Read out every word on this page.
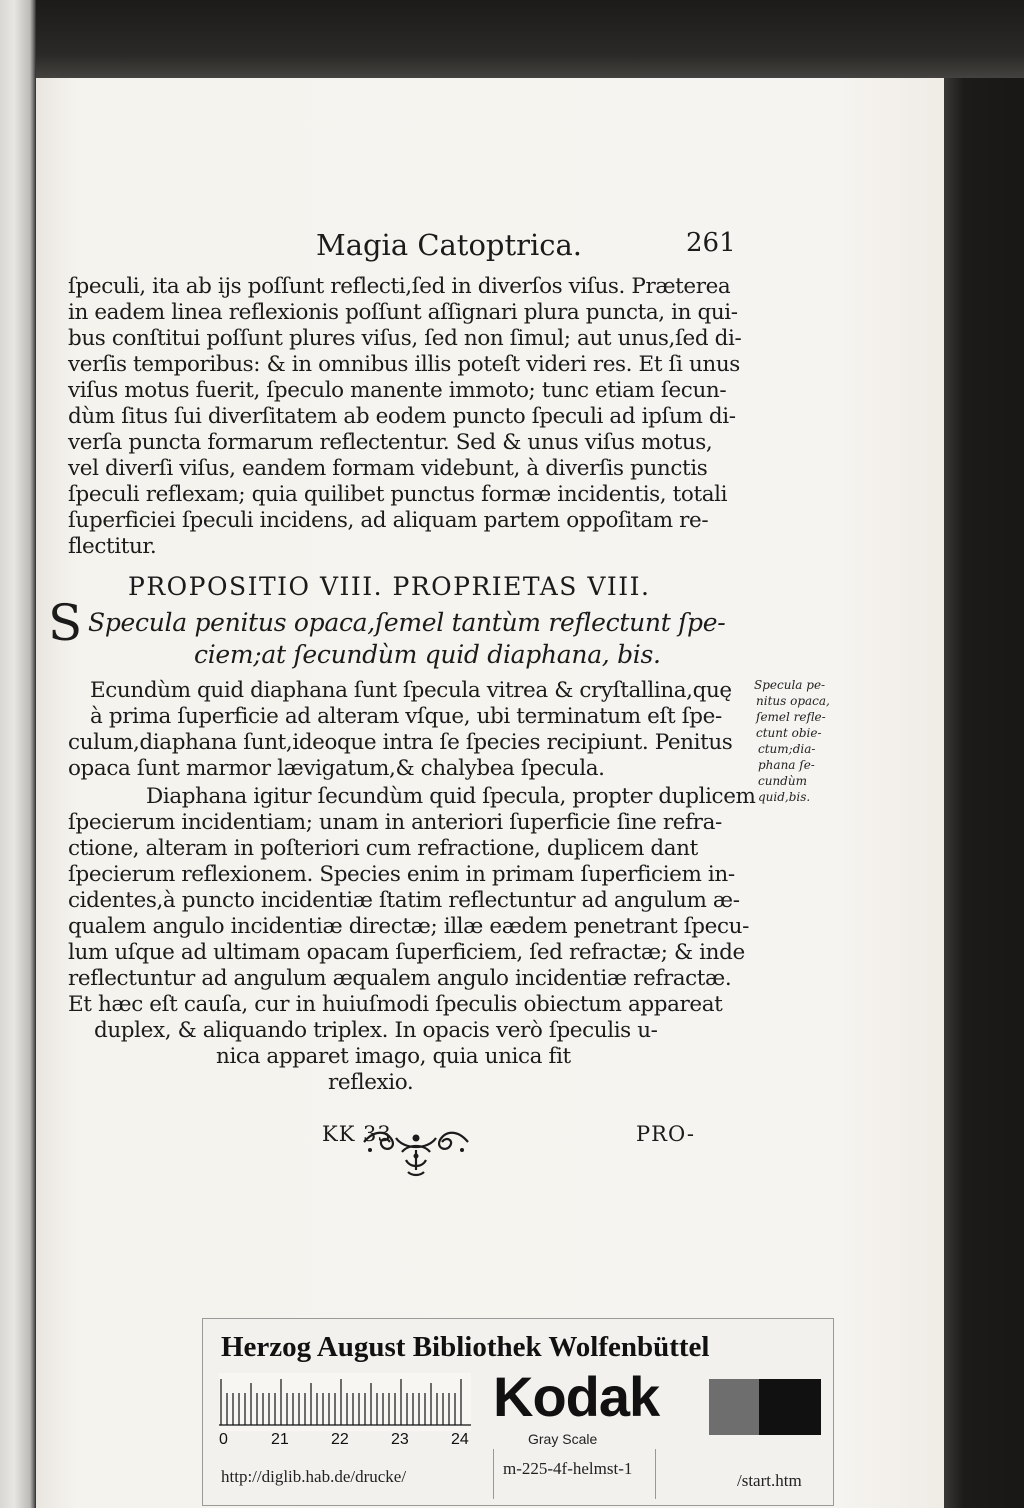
Magia Catoptrica.	261
ſpeculi, ita ab ijs poſſunt reflecti,ſed in diverſos viſus. Præterea
in eadem linea reflexionis poſſunt aſſignari plura puncta, in qui-
bus conſtitui poſſunt plures viſus, ſed non ſimul; aut unus,ſed di-
verſis temporibus: & in omnibus illis poteſt videri res. Et ſi unus
viſus motus fuerit, ſpeculo manente immoto; tunc etiam ſecun-
dùm ſitus ſui diverſitatem ab eodem puncto ſpeculi ad ipſum di-
verſa puncta formarum reflectentur. Sed & unus viſus motus,
vel diverſi viſus, eandem formam videbunt, à diverſis punctis
ſpeculi reflexam; quia quilibet punctus formæ incidentis, totali
ſuperficiei ſpeculi incidens, ad aliquam partem oppoſitam re-
flectitur.
PROPOSITIO VIII. PROPRIETAS VIII.
Specula penitus opaca,ſemel tantùm reflectunt ſpe-
ciem;at ſecundùm quid diaphana, bis.
S
Ecundùm quid diaphana ſunt ſpecula vitrea & cryſtallina,quę
à prima ſuperficie ad alteram vſque, ubi terminatum eſt ſpe-
culum,diaphana ſunt,ideoque intra ſe ſpecies recipiunt. Penitus
opaca ſunt marmor lævigatum,& chalybea ſpecula.
Diaphana igitur ſecundùm quid ſpecula, propter duplicem
ſpecierum incidentiam; unam in anteriori ſuperficie ſine refra-
ctione, alteram in poſteriori cum refractione, duplicem dant
ſpecierum reflexionem. Species enim in primam ſuperficiem in-
cidentes,à puncto incidentiæ ſtatim reflectuntur ad angulum æ-
qualem angulo incidentiæ directæ; illæ eædem penetrant ſpecu-
lum uſque ad ultimam opacam ſuperficiem, ſed refractæ; & inde
reflectuntur ad angulum æqualem angulo incidentiæ refractæ.
Et hæc eſt cauſa, cur in huiuſmodi ſpeculis obiectum appareat
duplex, & aliquando triplex. In opacis verò ſpeculis u-
nica apparet imago, quia unica fit
reflexio.
Specula pe-
nitus opaca,
ſemel refle-
ctunt obie-
ctum;dia-
phana ſe-
cundùm
quid,bis.
KK 33	PRO-
Herzog August Bibliothek Wolfenbüttel
0	21	22	23	24
Kodak
Gray Scale
http://diglib.hab.de/drucke/	m-225-4f-helmst-1
/start.htm
